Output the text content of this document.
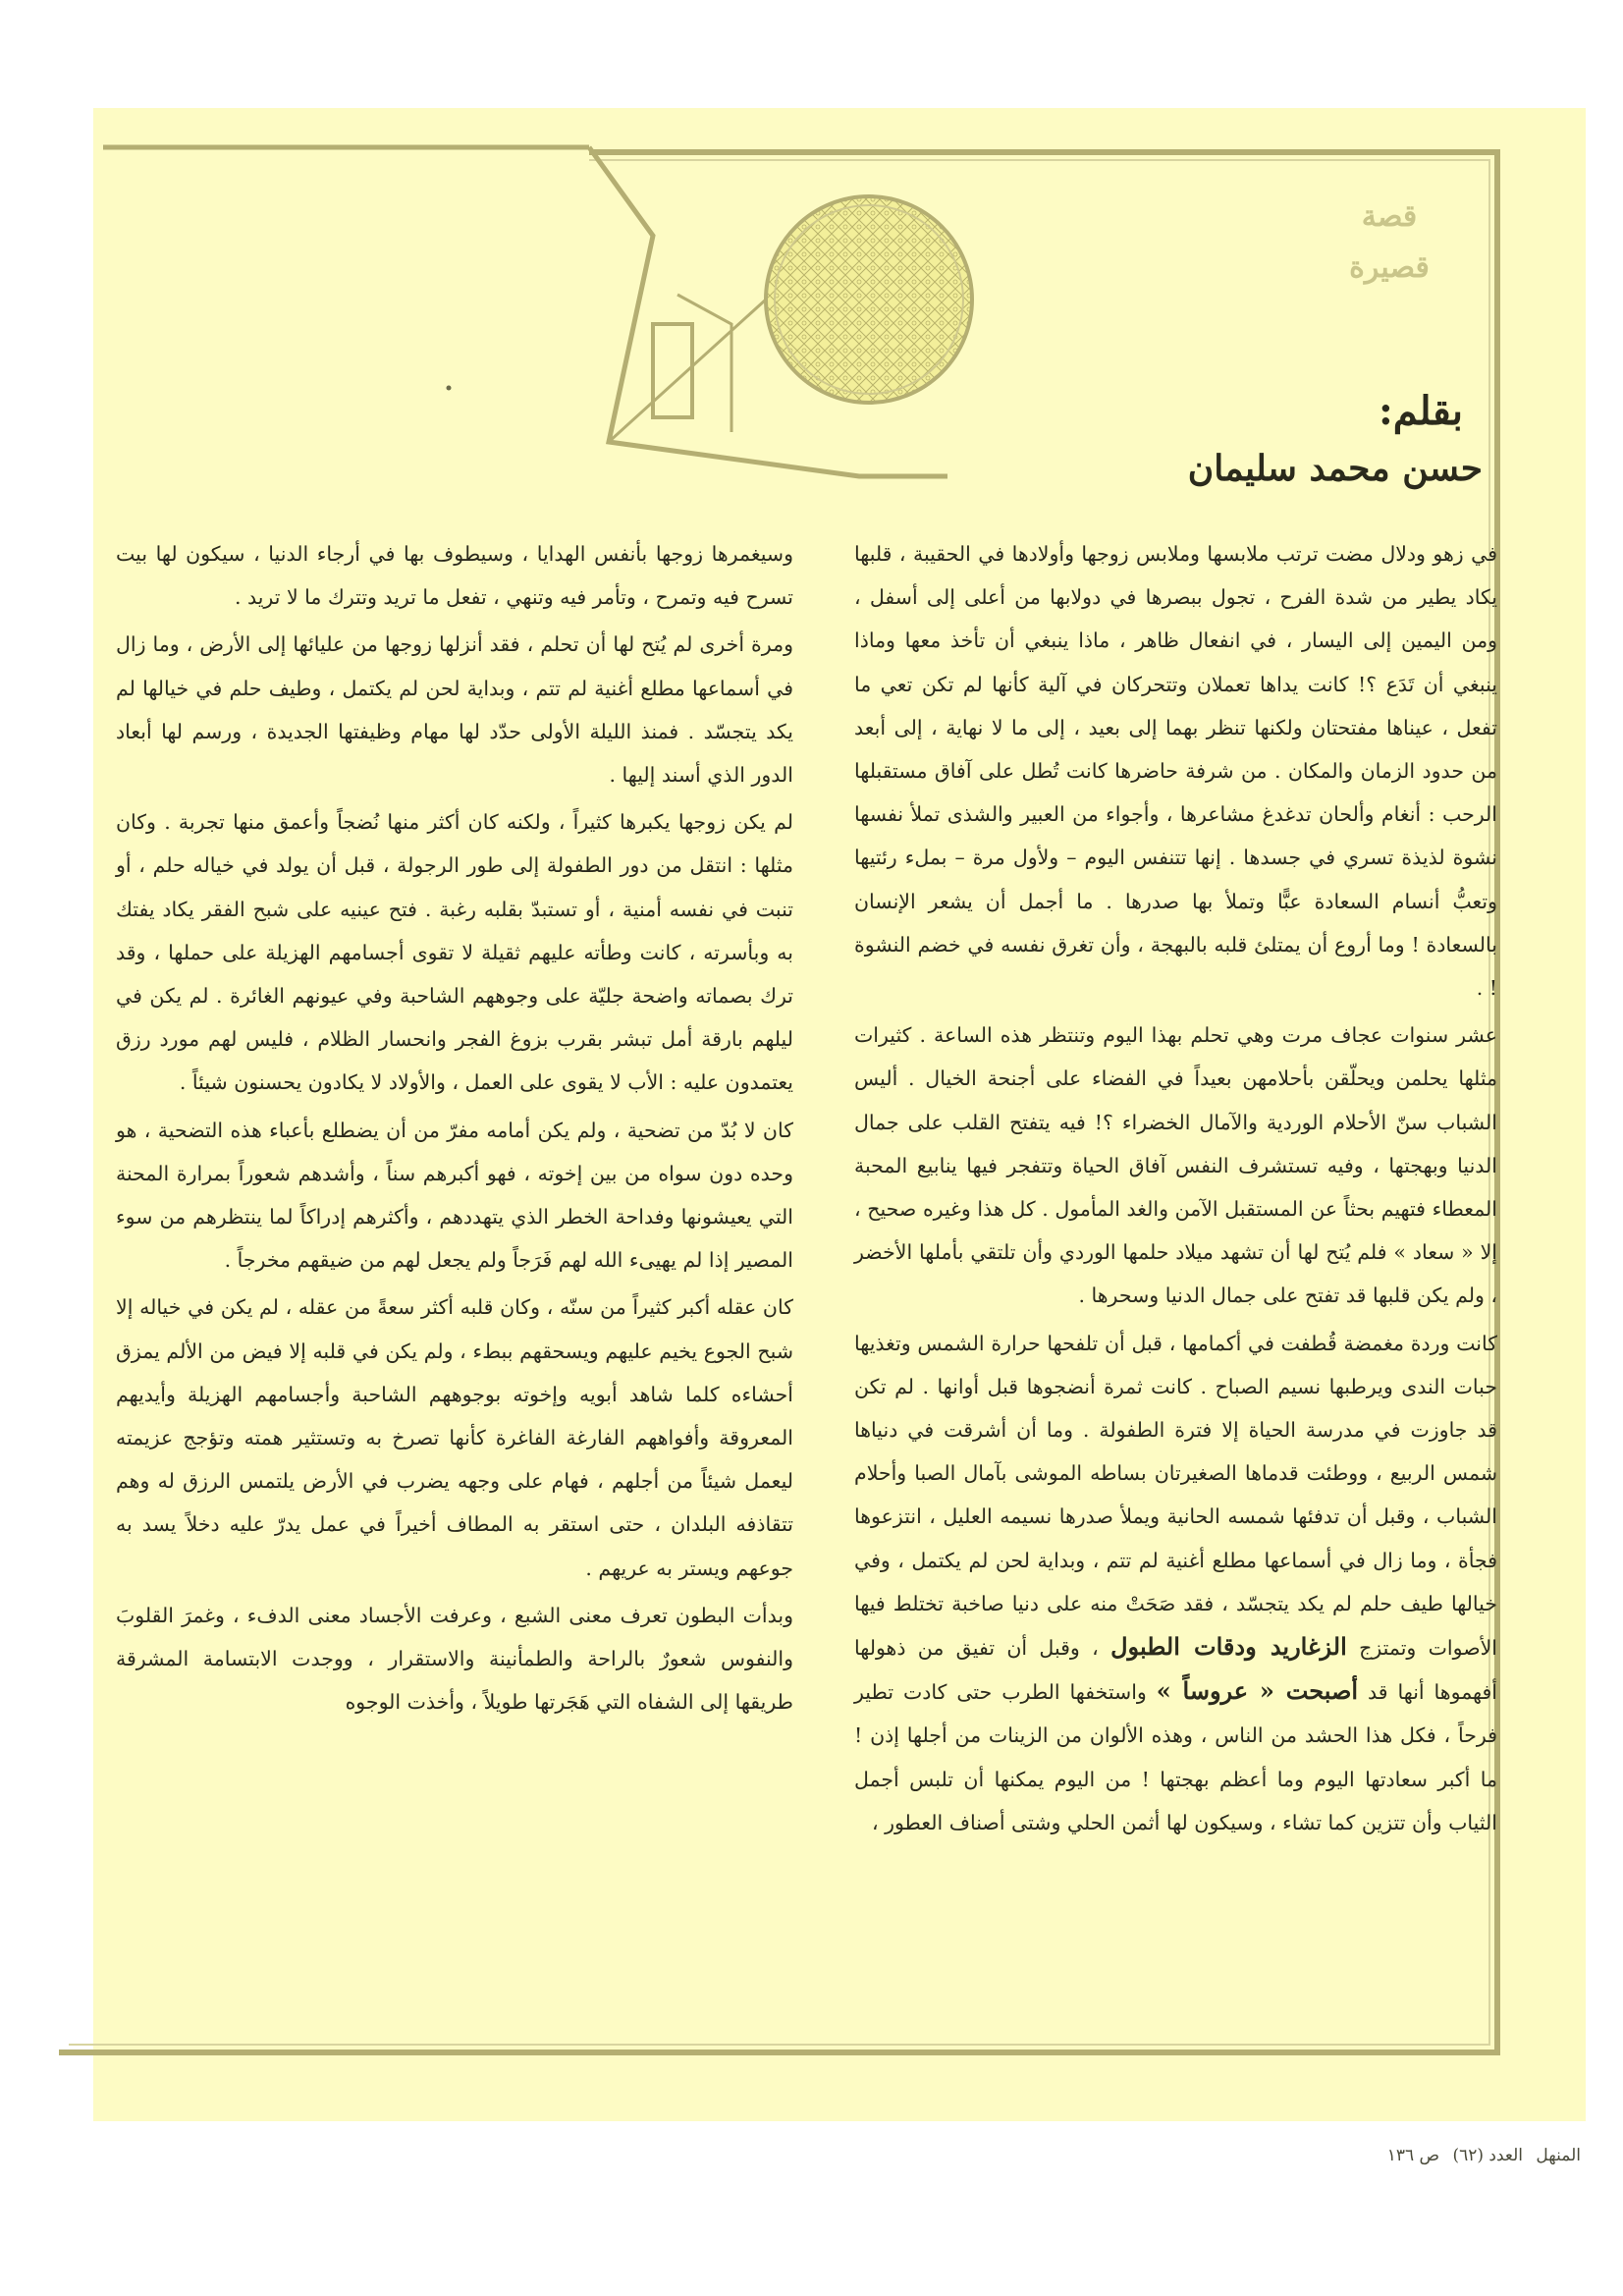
قصة
قصيرة
بقلم:
حسن محمد سليمان

في زهو ودلال مضت ترتب ملابسها وملابس زوجها وأولادها في الحقيبة ، قلبها يكاد يطير من شدة الفرح ، تجول ببصرها في دولابها من أعلى إلى أسفل ، ومن اليمين إلى اليسار ، في انفعال ظاهر ، ماذا ينبغي أن تأخذ معها وماذا ينبغي أن تَدَع ؟! كانت يداها تعملان وتتحركان في آلية كأنها لم تكن تعي ما تفعل ، عيناها مفتحتان ولكنها تنظر بهما إلى بعيد ، إلى ما لا نهاية ، إلى أبعد من حدود الزمان والمكان . من شرفة حاضرها كانت تُطل على آفاق مستقبلها الرحب : أنغام وألحان تدغدغ مشاعرها ، وأجواء من العبير والشذى تملأ نفسها نشوة لذيذة تسري في جسدها . إنها تتنفس اليوم – ولأول مرة – بملء رئتيها وتعبُّ أنسام السعادة عبًّا وتملأ بها صدرها . ما أجمل أن يشعر الإنسان بالسعادة ! وما أروع أن يمتلئ قلبه بالبهجة ، وأن تغرق نفسه في خضم النشوة ! .

عشر سنوات عجاف مرت وهي تحلم بهذا اليوم وتنتظر هذه الساعة . كثيرات مثلها يحلمن ويحلّقن بأحلامهن بعيداً في الفضاء على أجنحة الخيال . أليس الشباب سنّ الأحلام الوردية والآمال الخضراء ؟! فيه يتفتح القلب على جمال الدنيا وبهجتها ، وفيه تستشرف النفس آفاق الحياة وتتفجر فيها ينابيع المحبة المعطاء فتهيم بحثاً عن المستقبل الآمن والغد المأمول . كل هذا وغيره صحيح ، إلا « سعاد » فلم يُتح لها أن تشهد ميلاد حلمها الوردي وأن تلتقي بأملها الأخضر ، ولم يكن قلبها قد تفتح على جمال الدنيا وسحرها .

كانت وردة مغمضة قُطفت في أكمامها ، قبل أن تلفحها حرارة الشمس وتغذيها حبات الندى ويرطبها نسيم الصباح . كانت ثمرة أنضجوها قبل أوانها . لم تكن قد جاوزت في مدرسة الحياة إلا فترة الطفولة . وما أن أشرقت في دنياها شمس الربيع ، ووطئت قدماها الصغيرتان بساطه الموشى بآمال الصبا وأحلام الشباب ، وقبل أن تدفئها شمسه الحانية ويملأ صدرها نسيمه العليل ، انتزعوها فجأة ، وما زال في أسماعها مطلع أغنية لم تتم ، وبداية لحن لم يكتمل ، وفي خيالها طيف حلم لم يكد يتجسّد ، فقد صَحَتْ منه على دنيا صاخبة تختلط فيها الأصوات وتمتزج الزغاريد ودقات الطبول ، وقبل أن تفيق من ذهولها أفهموها أنها قد أصبحت « عروساً » واستخفها الطرب حتى كادت تطير فرحاً ، فكل هذا الحشد من الناس ، وهذه الألوان من الزينات من أجلها إذن ! ما أكبر سعادتها اليوم وما أعظم بهجتها ! من اليوم يمكنها أن تلبس أجمل الثياب وأن تتزين كما تشاء ، وسيكون لها أثمن الحلي وشتى أصناف العطور ،

وسيغمرها زوجها بأنفس الهدايا ، وسيطوف بها في أرجاء الدنيا ، سيكون لها بيت تسرح فيه وتمرح ، وتأمر فيه وتنهي ، تفعل ما تريد وتترك ما لا تريد .

ومرة أخرى لم يُتح لها أن تحلم ، فقد أنزلها زوجها من عليائها إلى الأرض ، وما زال في أسماعها مطلع أغنية لم تتم ، وبداية لحن لم يكتمل ، وطيف حلم في خيالها لم يكد يتجسّد . فمنذ الليلة الأولى حدّد لها مهام وظيفتها الجديدة ، ورسم لها أبعاد الدور الذي أسند إليها .

لم يكن زوجها يكبرها كثيراً ، ولكنه كان أكثر منها نُضجاً وأعمق منها تجربة . وكان مثلها : انتقل من دور الطفولة إلى طور الرجولة ، قبل أن يولد في خياله حلم ، أو تنبت في نفسه أمنية ، أو تستبدّ بقلبه رغبة . فتح عينيه على شبح الفقر يكاد يفتك به وبأسرته ، كانت وطأته عليهم ثقيلة لا تقوى أجسامهم الهزيلة على حملها ، وقد ترك بصماته واضحة جليّة على وجوههم الشاحبة وفي عيونهم الغائرة . لم يكن في ليلهم بارقة أمل تبشر بقرب بزوغ الفجر وانحسار الظلام ، فليس لهم مورد رزق يعتمدون عليه : الأب لا يقوى على العمل ، والأولاد لا يكادون يحسنون شيئاً .

كان لا بُدّ من تضحية ، ولم يكن أمامه مفرّ من أن يضطلع بأعباء هذه التضحية ، هو وحده دون سواه من بين إخوته ، فهو أكبرهم سناً ، وأشدهم شعوراً بمرارة المحنة التي يعيشونها وفداحة الخطر الذي يتهددهم ، وأكثرهم إدراكاً لما ينتظرهم من سوء المصير إذا لم يهيىء الله لهم فَرَجاً ولم يجعل لهم من ضيقهم مخرجاً .

كان عقله أكبر كثيراً من سنّه ، وكان قلبه أكثر سعةً من عقله ، لم يكن في خياله إلا شبح الجوع يخيم عليهم ويسحقهم ببطء ، ولم يكن في قلبه إلا فيض من الألم يمزق أحشاءه كلما شاهد أبويه وإخوته بوجوههم الشاحبة وأجسامهم الهزيلة وأيديهم المعروقة وأفواههم الفارغة الفاغرة كأنها تصرخ به وتستثير همته وتؤجج عزيمته ليعمل شيئاً من أجلهم ، فهام على وجهه يضرب في الأرض يلتمس الرزق له وهم تتقاذفه البلدان ، حتى استقر به المطاف أخيراً في عمل يدرّ عليه دخلاً يسد به جوعهم ويستر به عريهم .

وبدأت البطون تعرف معنى الشبع ، وعرفت الأجساد معنى الدفء ، وغمرَ القلوبَ والنفوس شعورٌ بالراحة والطمأنينة والاستقرار ، ووجدت الابتسامة المشرقة طريقها إلى الشفاه التي هَجَرتها طويلاً ، وأخذت الوجوه

المنهل العدد (٦٢) ص ١٣٦
